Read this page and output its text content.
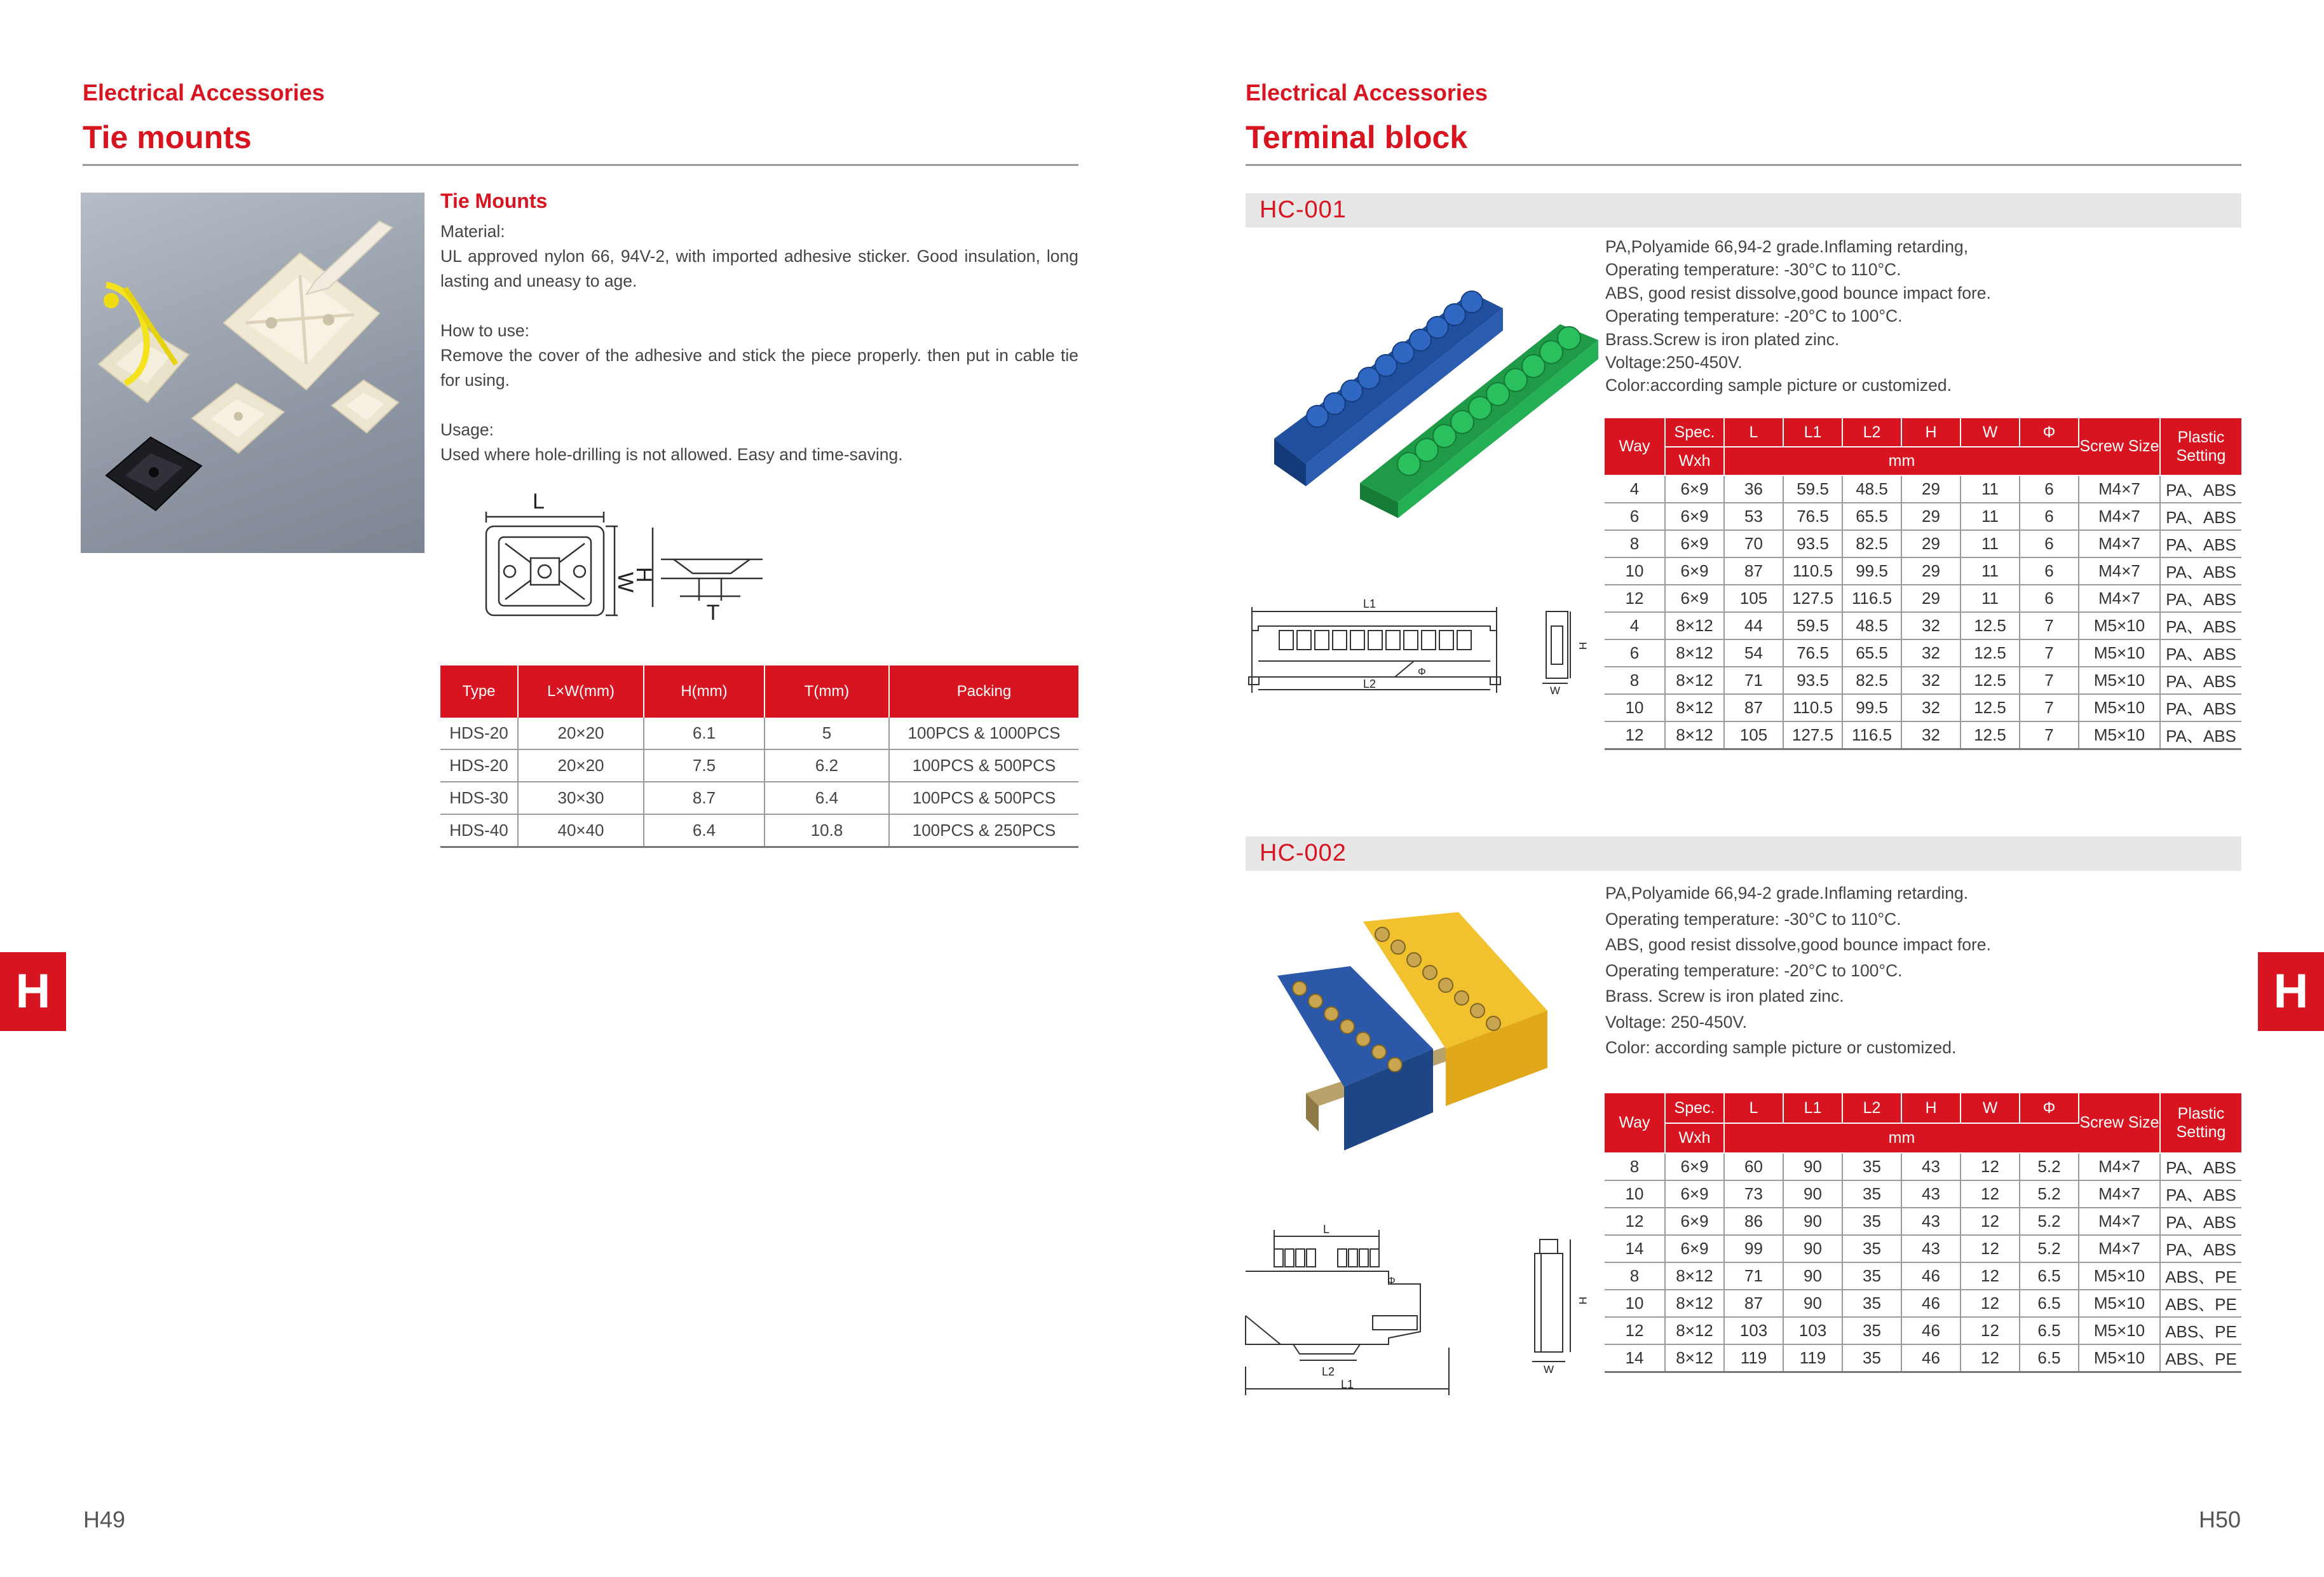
Electrical Accessories
Tie mounts
Tie Mounts

Material:

UL approved nylon 66, 94V-2, with imported adhesive sticker. Good insulation, long lasting and uneasy to age.

How to use:

Remove the cover of the adhesive and stick the piece properly. then put in cable tie for using.

Usage:

Used where hole-drilling is not allowed. Easy and time-saving.

L
W
H
T
Type	L×W(mm)	H(mm)	T(mm)	Packing
HDS-20	20×20	6.1	5	100PCS & 1000PCS
HDS-20	20×20	7.5	6.2	100PCS & 500PCS
HDS-30	30×30	8.7	6.4	100PCS & 500PCS
HDS-40	40×40	6.4	10.8	100PCS & 250PCS
H
H49
Electrical Accessories
Terminal block
HC-001

PA,Polyamide 66,94-2 grade.Inflaming retarding,

Operating temperature: -30°C to 110°C.

ABS, good resist dissolve,good bounce impact fore.

Operating temperature: -20°C to 100°C.

Brass.Screw is iron plated zinc.

Voltage:250-450V.

Color:according sample picture or customized.

L1
L2
Φ
H
W
Way	Spec.	L	L1	L2	H	W	Φ	Screw Size	Plastic Setting
	Wxh	mm							
4	6×9	36	59.5	48.5	29	11	6	M4×7	PA、ABS
6	6×9	53	76.5	65.5	29	11	6	M4×7	PA、ABS
8	6×9	70	93.5	82.5	29	11	6	M4×7	PA、ABS
10	6×9	87	110.5	99.5	29	11	6	M4×7	PA、ABS
12	6×9	105	127.5	116.5	29	11	6	M4×7	PA、ABS
4	8×12	44	59.5	48.5	32	12.5	7	M5×10	PA、ABS
6	8×12	54	76.5	65.5	32	12.5	7	M5×10	PA、ABS
8	8×12	71	93.5	82.5	32	12.5	7	M5×10	PA、ABS
10	8×12	87	110.5	99.5	32	12.5	7	M5×10	PA、ABS
12	8×12	105	127.5	116.5	32	12.5	7	M5×10	PA、ABS
HC-002

PA,Polyamide 66,94-2 grade.Inflaming retarding.

Operating temperature: -30°C to 110°C.

ABS, good resist dissolve,good bounce impact fore.

Operating temperature: -20°C to 100°C.

Brass. Screw is iron plated zinc.

Voltage: 250-450V.

Color: according sample picture or customized.

L
L2
L1
Φ
H
W
Way	Spec.	L	L1	L2	H	W	Φ	Screw Size	Plastic Setting
	Wxh	mm							
8	6×9	60	90	35	43	12	5.2	M4×7	PA、ABS
10	6×9	73	90	35	43	12	5.2	M4×7	PA、ABS
12	6×9	86	90	35	43	12	5.2	M4×7	PA、ABS
14	6×9	99	90	35	43	12	5.2	M4×7	PA、ABS
8	8×12	71	90	35	46	12	6.5	M5×10	ABS、PE
10	8×12	87	90	35	46	12	6.5	M5×10	ABS、PE
12	8×12	103	103	35	46	12	6.5	M5×10	ABS、PE
14	8×12	119	119	35	46	12	6.5	M5×10	ABS、PE
H
H50
